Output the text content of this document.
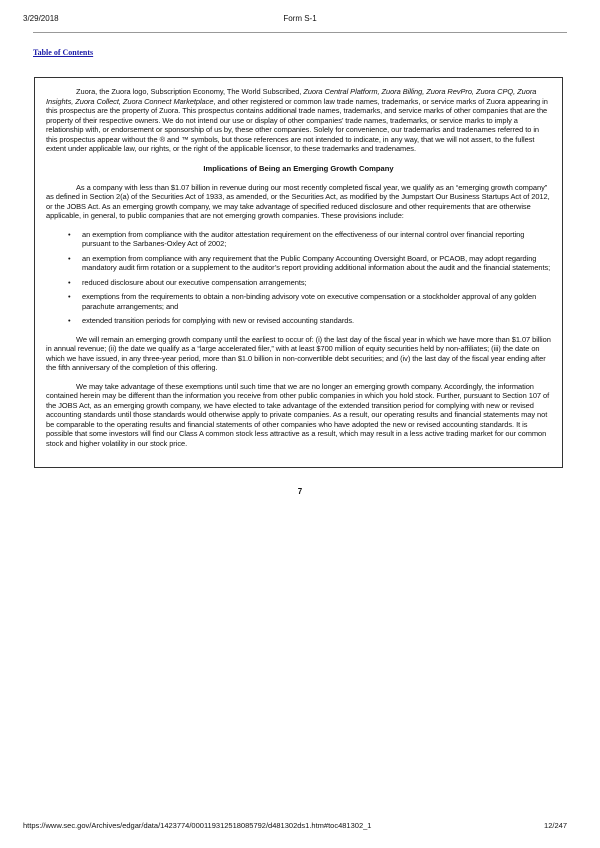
3/29/2018	Form S-1
Table of Contents

Zuora, the Zuora logo, Subscription Economy, The World Subscribed, Zuora Central Platform, Zuora Billing, Zuora RevPro, Zuora CPQ, Zuora Insights, Zuora Collect, Zuora Connect Marketplace, and other registered or common law trade names, trademarks, or service marks of Zuora appearing in this prospectus are the property of Zuora. This prospectus contains additional trade names, trademarks, and service marks of other companies that are the property of their respective owners. We do not intend our use or display of other companies’ trade names, trademarks, or service marks to imply a relationship with, or endorsement or sponsorship of us by, these other companies. Solely for convenience, our trademarks and tradenames referred to in this prospectus appear without the ® and ™ symbols, but those references are not intended to indicate, in any way, that we will not assert, to the fullest extent under applicable law, our rights, or the right of the applicable licensor, to these trademarks and tradenames.

Implications of Being an Emerging Growth Company

As a company with less than $1.07 billion in revenue during our most recently completed fiscal year, we qualify as an “emerging growth company” as defined in Section 2(a) of the Securities Act of 1933, as amended, or the Securities Act, as modified by the Jumpstart Our Business Startups Act of 2012, or the JOBS Act. As an emerging growth company, we may take advantage of specified reduced disclosure and other requirements that are otherwise applicable, in general, to public companies that are not emerging growth companies. These provisions include:

• an exemption from compliance with the auditor attestation requirement on the effectiveness of our internal control over financial reporting pursuant to the Sarbanes-Oxley Act of 2002;
• an exemption from compliance with any requirement that the Public Company Accounting Oversight Board, or PCAOB, may adopt regarding mandatory audit firm rotation or a supplement to the auditor’s report providing additional information about the audit and the financial statements;
• reduced disclosure about our executive compensation arrangements;
• exemptions from the requirements to obtain a non-binding advisory vote on executive compensation or a stockholder approval of any golden parachute arrangements; and
• extended transition periods for complying with new or revised accounting standards.

We will remain an emerging growth company until the earliest to occur of: (i) the last day of the fiscal year in which we have more than $1.07 billion in annual revenue; (ii) the date we qualify as a “large accelerated filer,” with at least $700 million of equity securities held by non-affiliates; (iii) the date on which we have issued, in any three-year period, more than $1.0 billion in non-convertible debt securities; and (iv) the last day of the fiscal year ending after the fifth anniversary of the completion of this offering.

We may take advantage of these exemptions until such time that we are no longer an emerging growth company. Accordingly, the information contained herein may be different than the information you receive from other public companies in which you hold stock. Further, pursuant to Section 107 of the JOBS Act, as an emerging growth company, we have elected to take advantage of the extended transition period for complying with new or revised accounting standards until those standards would otherwise apply to private companies. As a result, our operating results and financial statements may not be comparable to the operating results and financial statements of other companies who have adopted the new or revised accounting standards. It is possible that some investors will find our Class A common stock less attractive as a result, which may result in a less active trading market for our common stock and higher volatility in our stock price.

7
https://www.sec.gov/Archives/edgar/data/1423774/000119312518085792/d481302ds1.htm#toc481302_1	12/247
